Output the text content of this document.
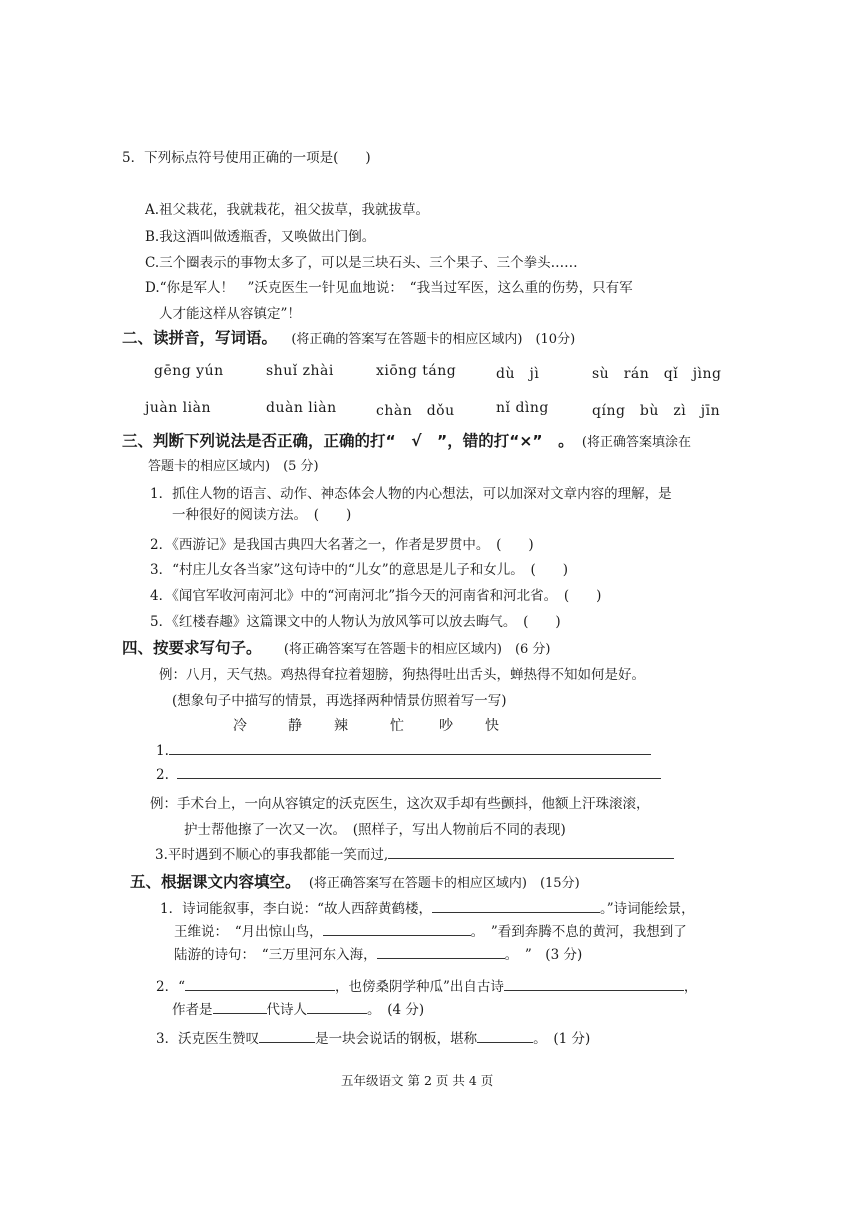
5．下列标点符号使用正确的一项是(　　)
A.祖父栽花，我就栽花，祖父拔草，我就拔草。
B.我这酒叫做透瓶香，又唤做出门倒。
C.三个圈表示的事物太多了，可以是三块石头、三个果子、三个拳头……
D.“你是军人！　”沃克医生一针见血地说：　“我当过军医，这么重的伤势，只有军
人才能这样从容镇定”！
二、读拼音，写词语。 (将正确的答案写在答题卡的相应区域内)　(10分)
gēng yún	shuǐ zhài	xiōng táng	dù　jì	sù　rán　qǐ　jìng
juàn liàn	duàn liàn	chàn　dǒu	nǐ dìng	qíng　bù　zì　jīn
三、判断下列说法是否正确，正确的打“　√　”，错的打“×”　。 (将正确答案填涂在
答题卡的相应区域内)　(5 分)
1．抓住人物的语言、动作、神态体会人物的内心想法，可以加深对文章内容的理解，是
一种很好的阅读方法。　(　　)
2．《西游记》是我国古典四大名著之一，作者是罗贯中。　(　　)
3．“村庄儿女各当家”这句诗中的“儿女”的意思是儿子和女儿。　(　　)
4．《闻官军收河南河北》中的“河南河北”指今天的河南省和河北省。　(　　)
5．《红楼春趣》这篇课文中的人物认为放风筝可以放去晦气。　(　　)
四、按要求写句子。 (将正确答案写在答题卡的相应区域内)　(6 分)
例：八月，天气热。鸡热得耷拉着翅膀，狗热得吐出舌头，蝉热得不知如何是好。
(想象句子中描写的情景，再选择两种情景仿照着写一写)
冷	静 辣	忙	吵 快
1.
2.
例：手术台上，一向从容镇定的沃克医生，这次双手却有些颤抖，他额上汗珠滚滚，
护士帮他擦了一次又一次。　(照样子，写出人物前后不同的表现)
3.平时遇到不顺心的事我都能一笑而过,
五、根据课文内容填空。 (将正确答案写在答题卡的相应区域内)　(15分)
1．诗词能叙事，李白说：“故人西辞黄鹤楼，	。”诗词能绘景，
王维说：　“月出惊山鸟，	。　”看到奔腾不息的黄河，我想到了
陆游的诗句：　“三万里河东入海，	。　”　(3 分)
2．“	，也傍桑阴学种瓜”出自古诗	，
作者是	代诗人	。　(4 分)
3．沃克医生赞叹	是一块会说话的钢板，堪称	。　(1 分)
五年级语文 第 2 页 共 4 页
